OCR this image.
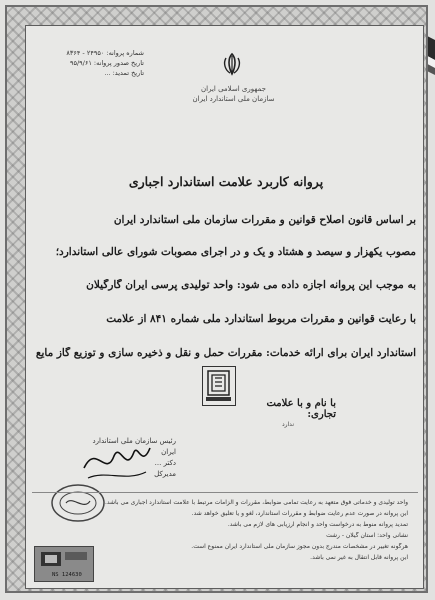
شماره پروانه: ۲۴۹۵۰ - ۸۳۶۴
تاریخ صدور پروانه: ۹۵/۹/۶۱
تاریخ تمدید: ...
جمهوری اسلامی ایران
سازمان ملی استاندارد ایران
پروانه کاربرد علامت استاندارد اجباری
بر اساس قانون اصلاح قوانین و مقررات سازمان ملی استاندارد ایران
مصوب یکهزار و سیصد و هشتاد و یک و در اجرای مصوبات شورای عالی استاندارد؛
به موجب این پروانه اجازه داده می شود: واحد تولیدی پرسی ایران گارگیلان
با رعایت قوانین و مقررات مربوط استاندارد ملی شماره ۸۴۱ از علامت
استاندارد ایران برای ارائه خدمات: مقررات حمل و نقل و ذخیره سازی و توزیع گاز مایع
با نام و با علامت تجاری:
ندارد
رئیس سازمان ملی استاندارد ایران
دکتر ...
مدیرکل
واحد تولیدی و خدماتی فوق متعهد به رعایت تمامی ضوابط، مقررات و الزامات مرتبط با علامت استاندارد اجباری می باشد.
این پروانه در صورت عدم رعایت ضوابط و مقررات استاندارد، لغو و یا تعلیق خواهد شد.
تمدید پروانه منوط به درخواست واحد و انجام ارزیابی های لازم می باشد.
نشانی واحد: استان گیلان - رشت
هرگونه تغییر در مشخصات مندرج بدون مجوز سازمان ملی استاندارد ایران ممنوع است.
این پروانه قابل انتقال به غیر نمی باشد.
NS 124630
